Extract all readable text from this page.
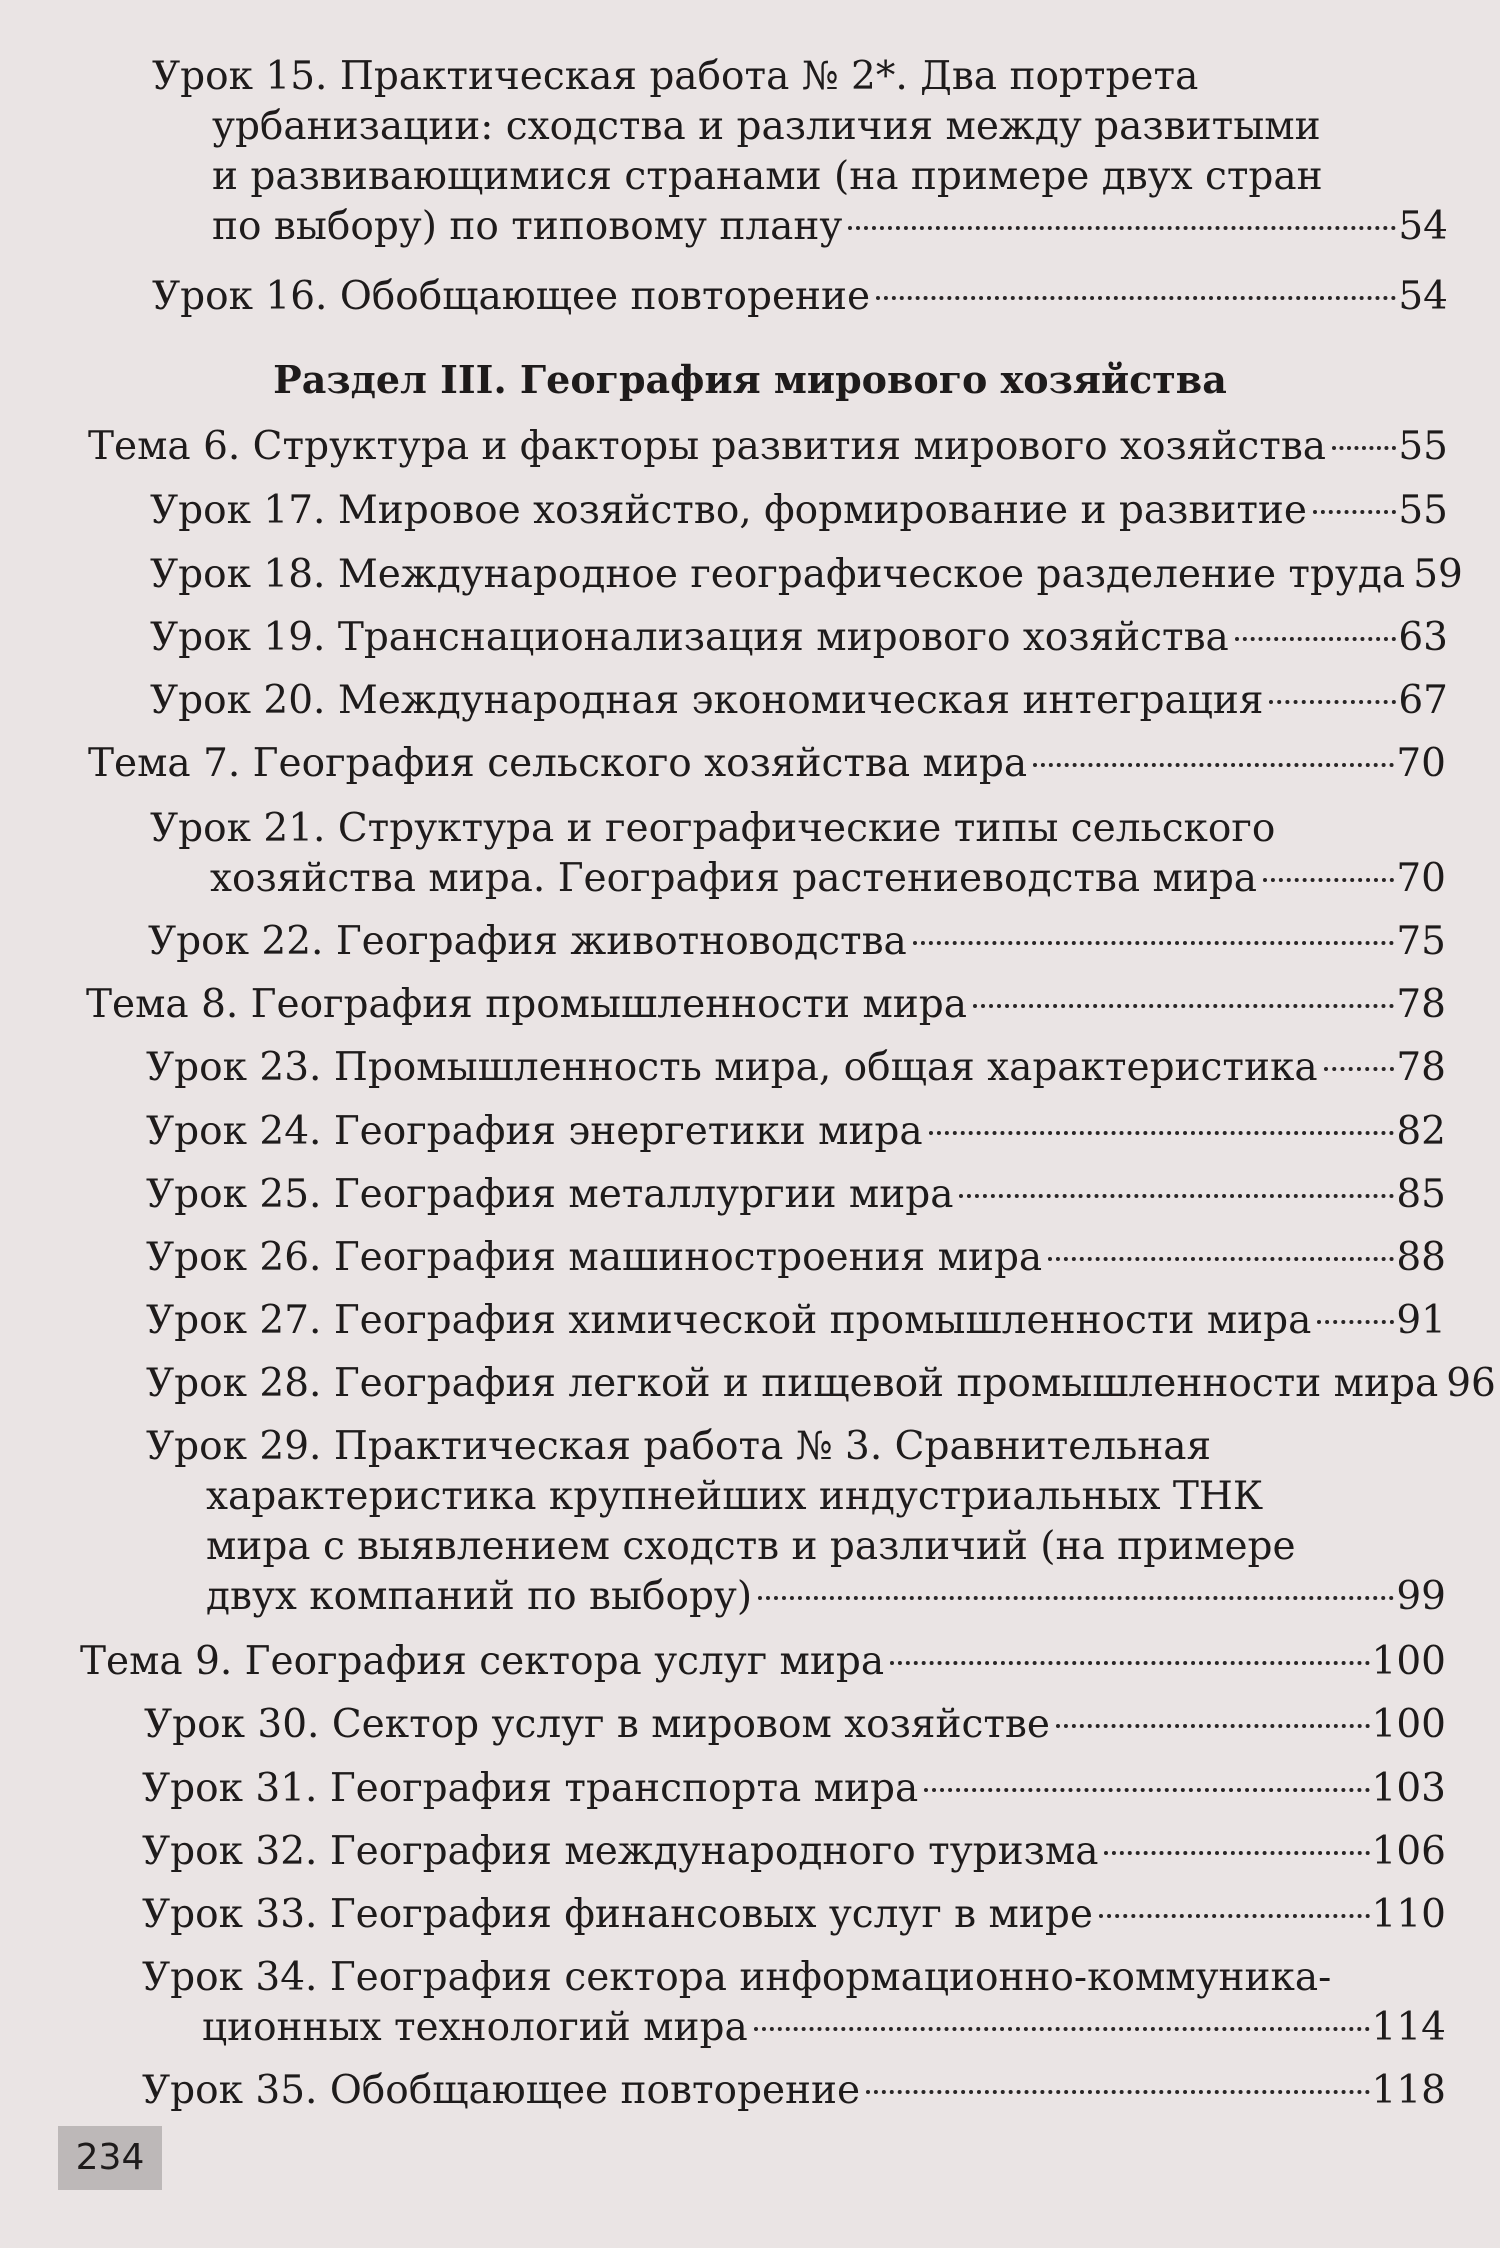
Раздел III. География мирового хозяйства
Урок 15. Практическая работа № 2*. Два портрета
урбанизации: сходства и различия между развитыми
и развивающимися странами (на примере двух стран
по выбору) по типовому плану	54
Урок 16. Обобщающее повторение	54
Тема 6. Структура и факторы развития мирового хозяйства 55
Урок 17. Мировое хозяйство, формирование и развитие 55
Урок 18. Международное географическое разделение труда 59
Урок 19. Транснационализация мирового хозяйства	63
Урок 20. Международная экономическая интеграция	67
Тема 7. География сельского хозяйства мира	70
Урок 21. Структура и географические типы сельского
хозяйства мира. География растениеводства мира	70
Урок 22. География животноводства	75
Тема 8. География промышленности мира	78
Урок 23. Промышленность мира, общая характеристика 78
Урок 24. География энергетики мира	82
Урок 25. География металлургии мира	85
Урок 26. География машиностроения мира	88
Урок 27. География химической промышленности мира 91
Урок 28. География легкой и пищевой промышленности мира 96
Урок 29. Практическая работа № 3. Сравнительная
характеристика крупнейших индустриальных ТНК
мира с выявлением сходств и различий (на примере
двух компаний по выбору)	99
Тема 9. География сектора услуг мира	100
Урок 30. Сектор услуг в мировом хозяйстве	100
Урок 31. География транспорта мира	103
Урок 32. География международного туризма	106
Урок 33. География финансовых услуг в мире	110
Урок 34. География сектора информационно-коммуника-
ционных технологий мира	114
Урок 35. Обобщающее повторение	118
234
